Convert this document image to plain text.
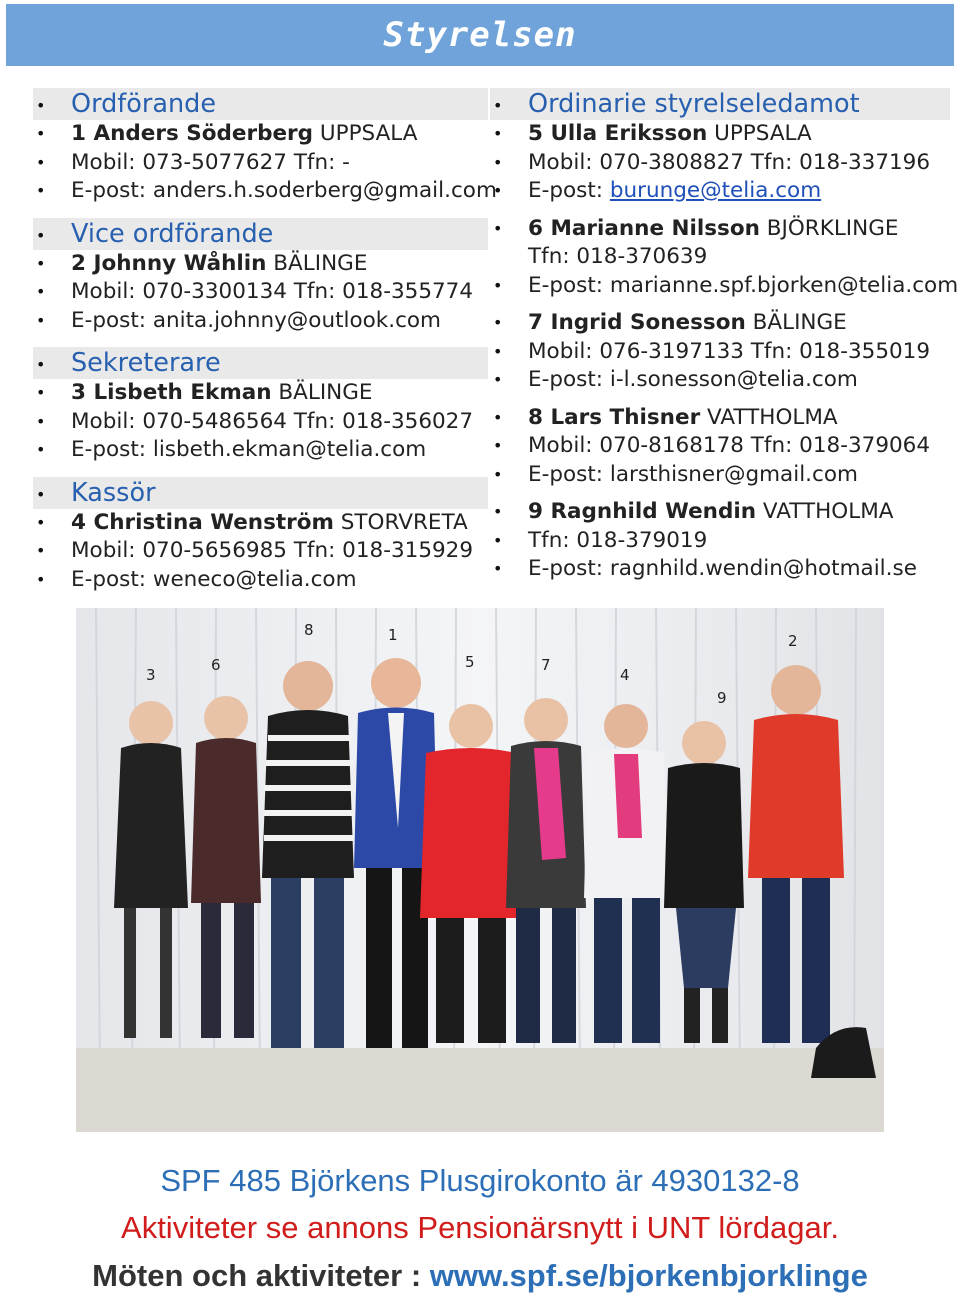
Styrelsen
• Ordförande
• 1 Anders Söderberg UPPSALA
• Mobil: 073-5077627 Tfn: -
• E-post: anders.h.soderberg@gmail.com
• Vice ordförande
• 2 Johnny Wåhlin BÄLINGE
• Mobil: 070-3300134 Tfn: 018-355774
• E-post: anita.johnny@outlook.com
• Sekreterare
• 3 Lisbeth Ekman BÄLINGE
• Mobil: 070-5486564 Tfn: 018-356027
• E-post: lisbeth.ekman@telia.com
• Kassör
• 4 Christina Wenström STORVRETA
• Mobil: 070-5656985 Tfn: 018-315929
• E-post: weneco@telia.com
• Ordinarie styrelseledamot
• 5 Ulla Eriksson UPPSALA
• Mobil: 070-3808827 Tfn: 018-337196
• E-post: burunge@telia.com
• 6 Marianne Nilsson BJÖRKLINGE
Tfn: 018-370639
• E-post: marianne.spf.bjorken@telia.com
• 7 Ingrid Sonesson BÄLINGE
• Mobil: 076-3197133 Tfn: 018-355019
• E-post: i-l.sonesson@telia.com
• 8 Lars Thisner VATTHOLMA
• Mobil: 070-8168178 Tfn: 018-379064
• E-post: larsthisner@gmail.com
• 9 Ragnhild Wendin VATTHOLMA
• Tfn: 018-379019
• E-post: ragnhild.wendin@hotmail.se
3
6
8	1
5	7
4
9
2
SPF 485 Björkens Plusgirokonto är 4930132-8
Aktiviteter se annons Pensionärsnytt i UNT lördagar.
Möten och aktiviteter : www.spf.se/bjorkenbjorklinge
